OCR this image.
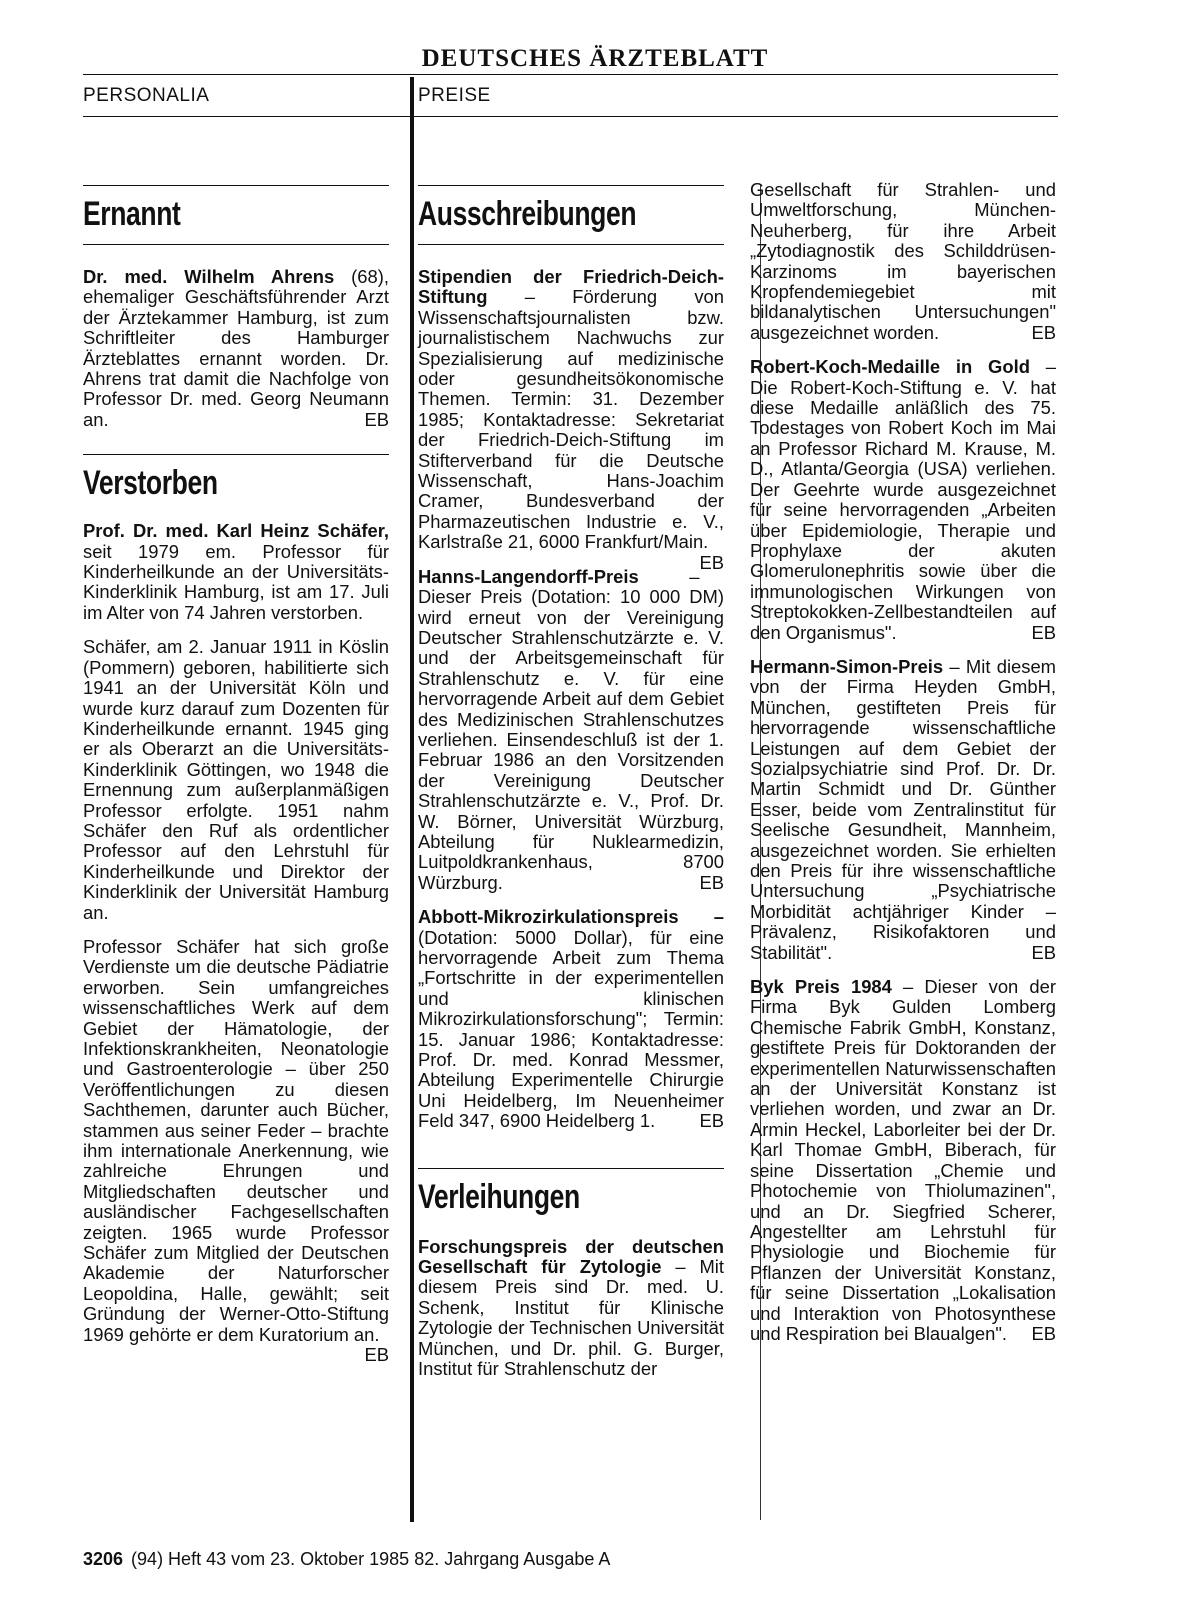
DEUTSCHES ÄRZTEBLATT
PERSONALIA	PREISE
Ernannt

Dr. med. Wilhelm Ahrens (68), ehemaliger Geschäftsführender Arzt der Ärztekammer Hamburg, ist zum Schriftleiter des Hamburger Ärzteblattes ernannt worden. Dr. Ahrens trat damit die Nachfolge von Professor Dr. med. Georg Neumann an.	EB

Verstorben

Prof. Dr. med. Karl Heinz Schäfer, seit 1979 em. Professor für Kinderheilkunde an der Universitäts-Kinderklinik Hamburg, ist am 17. Juli im Alter von 74 Jahren verstorben.

Schäfer, am 2. Januar 1911 in Köslin (Pommern) geboren, habilitierte sich 1941 an der Universität Köln und wurde kurz darauf zum Dozenten für Kinderheilkunde ernannt. 1945 ging er als Oberarzt an die Universitäts-Kinderklinik Göttingen, wo 1948 die Ernennung zum außerplanmäßigen Professor erfolgte. 1951 nahm Schäfer den Ruf als ordentlicher Professor auf den Lehrstuhl für Kinderheilkunde und Direktor der Kinderklinik der Universität Hamburg an.

Professor Schäfer hat sich große Verdienste um die deutsche Pädiatrie erworben. Sein umfangreiches wissenschaftliches Werk auf dem Gebiet der Hämatologie, der Infektionskrankheiten, Neonatologie und Gastroenterologie – über 250 Veröffentlichungen zu diesen Sachthemen, darunter auch Bücher, stammen aus seiner Feder – brachte ihm internationale Anerkennung, wie zahlreiche Ehrungen und Mitgliedschaften deutscher und ausländischer Fachgesellschaften zeigten. 1965 wurde Professor Schäfer zum Mitglied der Deutschen Akademie der Naturforscher Leopoldina, Halle, gewählt; seit Gründung der Werner-Otto-Stiftung 1969 gehörte er dem Kuratorium an.
EB

Ausschreibungen

Stipendien der Friedrich-Deich-Stiftung – Förderung von Wissenschaftsjournalisten bzw. journalistischem Nachwuchs zur Spezialisierung auf medizinische oder gesundheitsökonomische Themen. Termin: 31. Dezember 1985; Kontaktadresse: Sekretariat der Friedrich-Deich-Stiftung im Stifterverband für die Deutsche Wissenschaft, Hans-Joachim Cramer, Bundesverband der Pharmazeutischen Industrie e. V., Karlstraße 21, 6000 Frankfurt/Main.
EB

Hanns-Langendorff-Preis – Dieser Preis (Dotation: 10 000 DM) wird erneut von der Vereinigung Deutscher Strahlenschutzärzte e. V. und der Arbeitsgemeinschaft für Strahlenschutz e. V. für eine hervorragende Arbeit auf dem Gebiet des Medizinischen Strahlenschutzes verliehen. Einsendeschluß ist der 1. Februar 1986 an den Vorsitzenden der Vereinigung Deutscher Strahlenschutzärzte e. V., Prof. Dr. W. Börner, Universität Würzburg, Abteilung für Nuklearmedizin, Luitpoldkrankenhaus, 8700 Würzburg.	EB

Abbott-Mikrozirkulationspreis – (Dotation: 5000 Dollar), für eine hervorragende Arbeit zum Thema „Fortschritte in der experimentellen und klinischen Mikrozirkulationsforschung"; Termin: 15. Januar 1986; Kontaktadresse: Prof. Dr. med. Konrad Messmer, Abteilung Experimentelle Chirurgie Uni Heidelberg, Im Neuenheimer Feld 347, 6900 Heidelberg 1. EB

Verleihungen

Forschungspreis der deutschen Gesellschaft für Zytologie – Mit diesem Preis sind Dr. med. U. Schenk, Institut für Klinische Zytologie der Technischen Universität München, und Dr. phil. G. Burger, Institut für Strahlenschutz der

Gesellschaft für Strahlen- und Umweltforschung, München-Neuherberg, für ihre Arbeit „Zytodiagnostik des Schilddrüsen-Karzinoms im bayerischen Kropfendemiegebiet mit bildanalytischen Untersuchungen" ausgezeichnet worden.	EB

Robert-Koch-Medaille in Gold – Die Robert-Koch-Stiftung e. V. hat diese Medaille anläßlich des 75. Todestages von Robert Koch im Mai an Professor Richard M. Krause, M. D., Atlanta/Georgia (USA) verliehen. Der Geehrte wurde ausgezeichnet für seine hervorragenden „Arbeiten über Epidemiologie, Therapie und Prophylaxe der akuten Glomerulonephritis sowie über die immunologischen Wirkungen von Streptokokken-Zellbestandteilen auf den Organismus".	EB

Hermann-Simon-Preis – Mit diesem von der Firma Heyden GmbH, München, gestifteten Preis für hervorragende wissenschaftliche Leistungen auf dem Gebiet der Sozialpsychiatrie sind Prof. Dr. Dr. Martin Schmidt und Dr. Günther Esser, beide vom Zentralinstitut für Seelische Gesundheit, Mannheim, ausgezeichnet worden. Sie erhielten den Preis für ihre wissenschaftliche Untersuchung „Psychiatrische Morbidität achtjähriger Kinder – Prävalenz, Risikofaktoren und Stabilität".	EB

Byk Preis 1984 – Dieser von der Firma Byk Gulden Lomberg Chemische Fabrik GmbH, Konstanz, gestiftete Preis für Doktoranden der experimentellen Naturwissenschaften an der Universität Konstanz ist verliehen worden, und zwar an Dr. Armin Heckel, Laborleiter bei der Dr. Karl Thomae GmbH, Biberach, für seine Dissertation „Chemie und Photochemie von Thiolumazinen", und an Dr. Siegfried Scherer, Angestellter am Lehrstuhl für Physiologie und Biochemie für Pflanzen der Universität Konstanz, für seine Dissertation „Lokalisation und Interaktion von Photosynthese und Respiration bei Blaualgen". EB

3206 (94) Heft 43 vom 23. Oktober 1985 82. Jahrgang Ausgabe A
